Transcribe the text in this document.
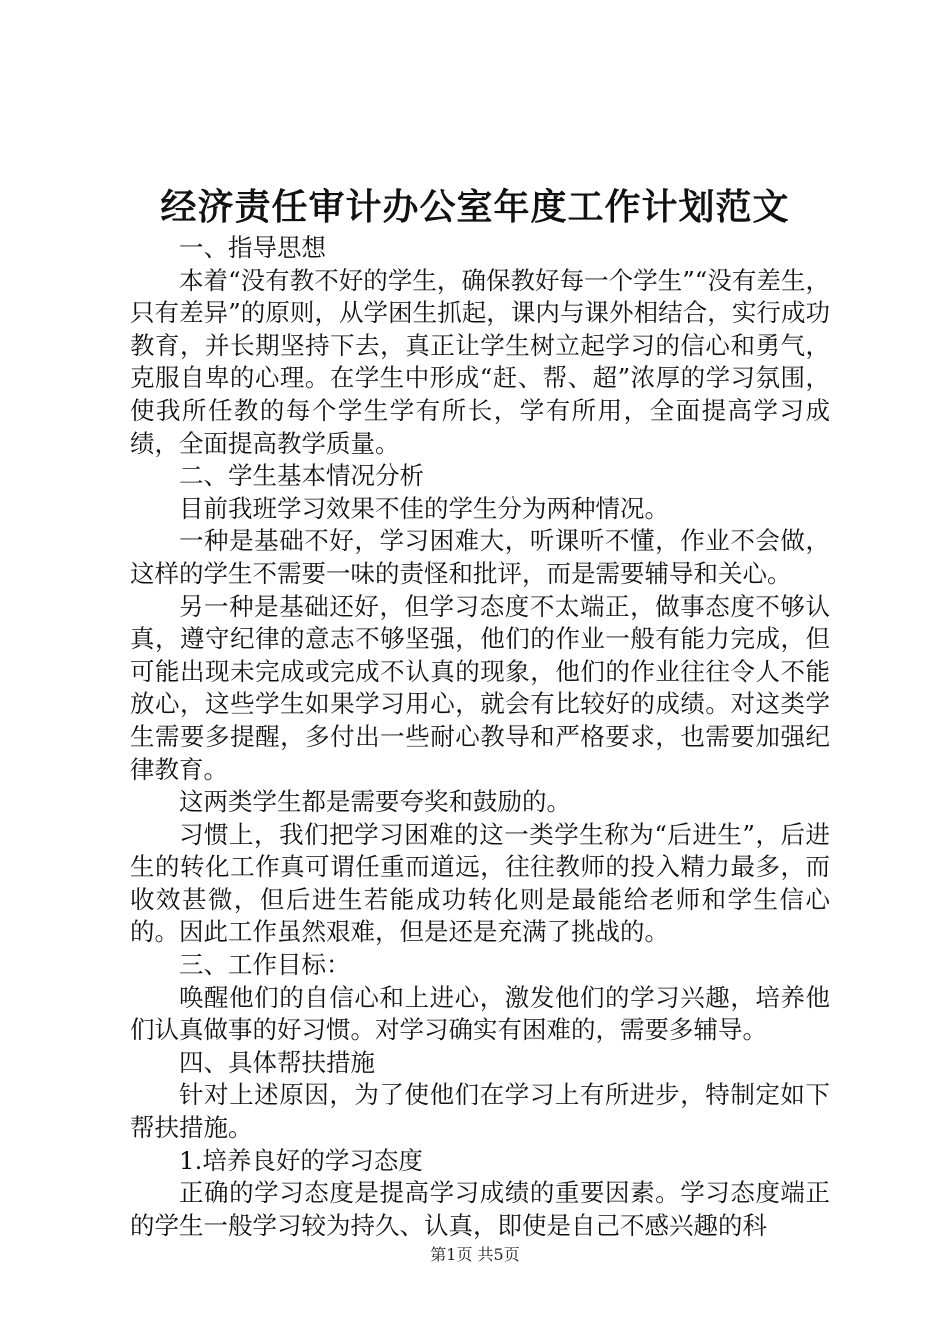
经济责任审计办公室年度工作计划范文

一、指导思想

本着“没有教不好的学生，确保教好每一个学生”“没有差生，只有差异”的原则，从学困生抓起，课内与课外相结合，实行成功教育，并长期坚持下去，真正让学生树立起学习的信心和勇气，克服自卑的心理。在学生中形成“赶、帮、超”浓厚的学习氛围，使我所任教的每个学生学有所长，学有所用，全面提高学习成绩，全面提高教学质量。

二、学生基本情况分析

目前我班学习效果不佳的学生分为两种情况。

一种是基础不好，学习困难大，听课听不懂，作业不会做，这样的学生不需要一味的责怪和批评，而是需要辅导和关心。

另一种是基础还好，但学习态度不太端正，做事态度不够认真，遵守纪律的意志不够坚强，他们的作业一般有能力完成，但可能出现未完成或完成不认真的现象，他们的作业往往令人不能放心，这些学生如果学习用心，就会有比较好的成绩。对这类学生需要多提醒，多付出一些耐心教导和严格要求，也需要加强纪律教育。

这两类学生都是需要夸奖和鼓励的。

习惯上，我们把学习困难的这一类学生称为“后进生”，后进生的转化工作真可谓任重而道远，往往教师的投入精力最多，而收效甚微，但后进生若能成功转化则是最能给老师和学生信心的。因此工作虽然艰难，但是还是充满了挑战的。

三、工作目标：

唤醒他们的自信心和上进心，激发他们的学习兴趣，培养他们认真做事的好习惯。对学习确实有困难的，需要多辅导。

四、具体帮扶措施

针对上述原因，为了使他们在学习上有所进步，特制定如下帮扶措施。

1.培养良好的学习态度

正确的学习态度是提高学习成绩的重要因素。学习态度端正的学生一般学习较为持久、认真，即使是自己不感兴趣的科

第1页 共5页
